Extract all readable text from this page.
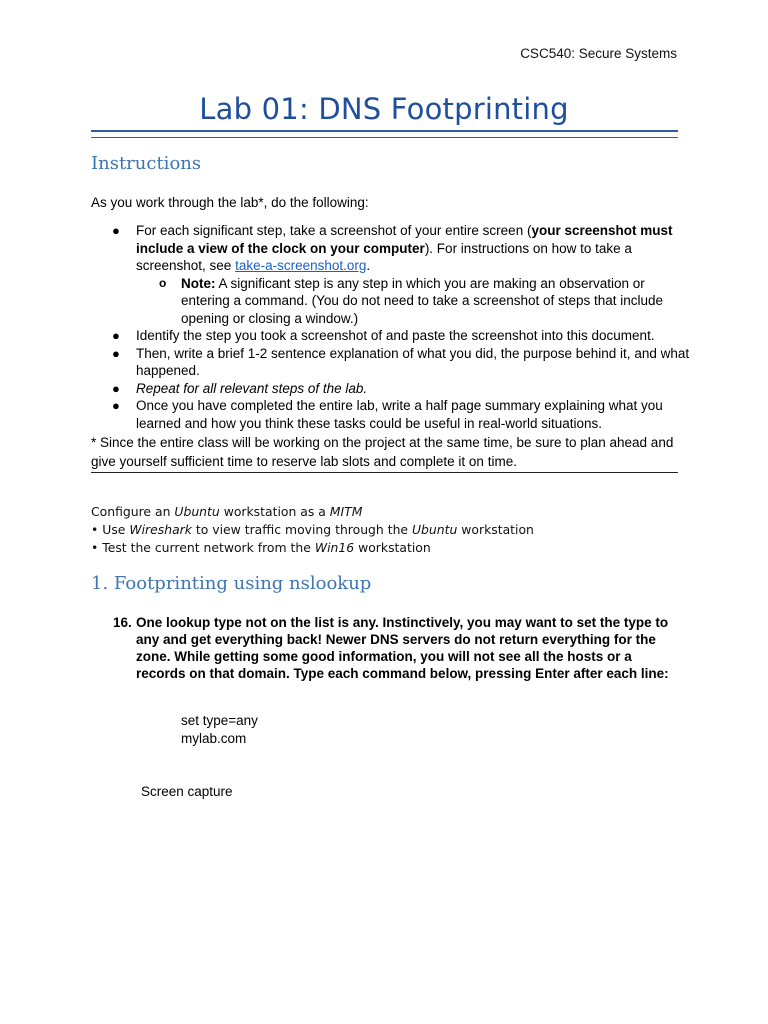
CSC540: Secure Systems
Lab 01: DNS Footprinting
Instructions
As you work through the lab*, do the following:
● For each significant step, take a screenshot of your entire screen (your screenshot must include a view of the clock on your computer). For instructions on how to take a screenshot, see take-a-screenshot.org.
o Note: A significant step is any step in which you are making an observation or entering a command. (You do not need to take a screenshot of steps that include opening or closing a window.)
● Identify the step you took a screenshot of and paste the screenshot into this document.
● Then, write a brief 1-2 sentence explanation of what you did, the purpose behind it, and what happened.
● Repeat for all relevant steps of the lab.
● Once you have completed the entire lab, write a half page summary explaining what you learned and how you think these tasks could be useful in real-world situations.
* Since the entire class will be working on the project at the same time, be sure to plan ahead and give yourself sufficient time to reserve lab slots and complete it on time.
Configure an Ubuntu workstation as a MITM
• Use Wireshark to view traffic moving through the Ubuntu workstation
• Test the current network from the Win16 workstation
1. Footprinting using nslookup
16. One lookup type not on the list is any. Instinctively, you may want to set the type to any and get everything back! Newer DNS servers do not return everything for the zone. While getting some good information, you will not see all the hosts or a records on that domain. Type each command below, pressing Enter after each line:
set type=any
mylab.com
Screen capture
